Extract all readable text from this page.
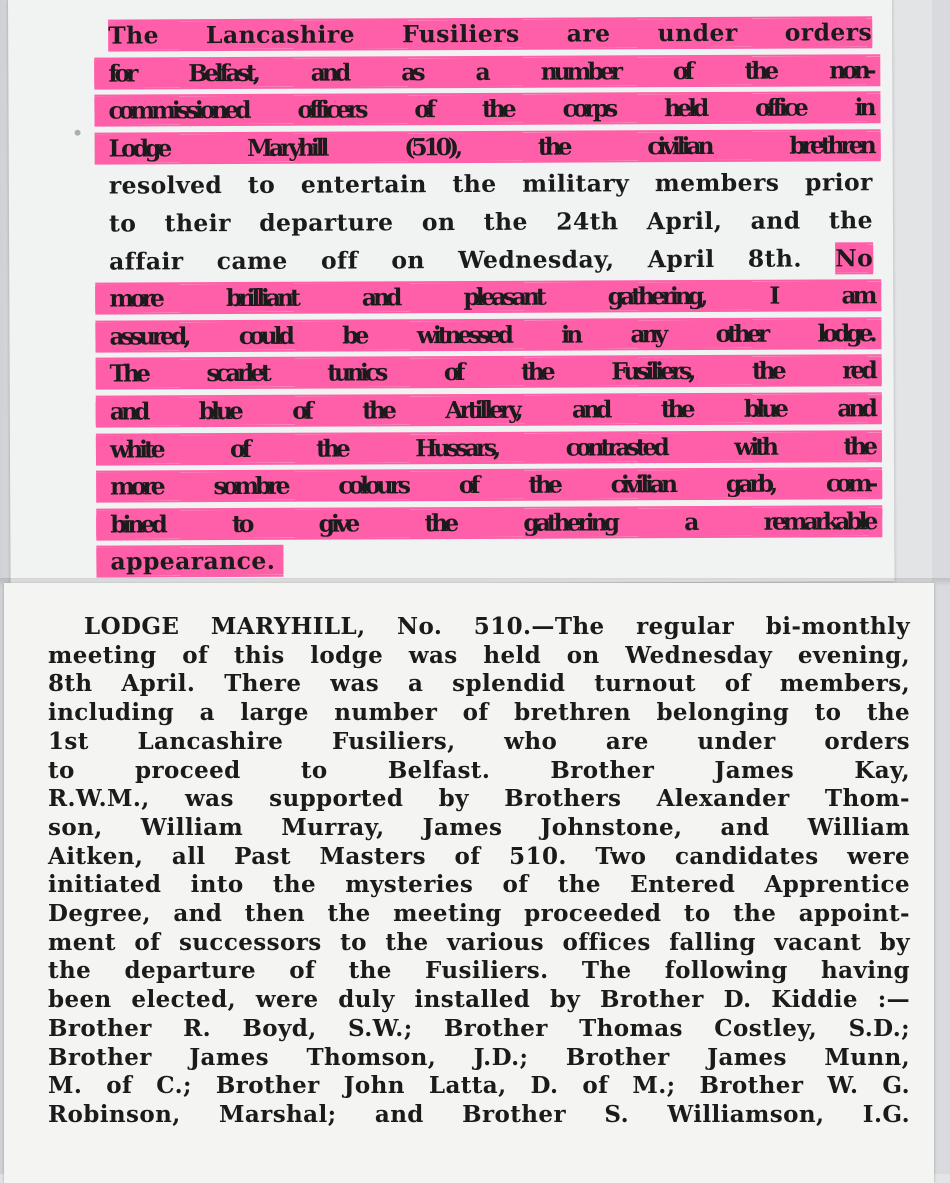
The Lancashire Fusiliers are under orders
for Belfast, and as a number of the non-
commissioned officers of the corps held office in
Lodge Maryhill (510), the civilian brethren
resolved to entertain the military members prior
to their departure on the 24th April, and the
affair came off on Wednesday, April 8th. No
more brilliant and pleasant gathering, I am
assured, could be witnessed in any other lodge.
The scarlet tunics of the Fusiliers, the red
and blue of the Artillery, and the blue and
white of the Hussars, contrasted with the
more sombre colours of the civilian garb, com-
bined to give the gathering a remarkable
appearance.
LODGE MARYHILL, No. 510.—The regular bi-monthly
meeting of this lodge was held on Wednesday evening,
8th April. There was a splendid turnout of members,
including a large number of brethren belonging to the
1st Lancashire Fusiliers, who are under orders
to proceed to Belfast. Brother James Kay,
R.W.M., was supported by Brothers Alexander Thom-
son, William Murray, James Johnstone, and William
Aitken, all Past Masters of 510. Two candidates were
initiated into the mysteries of the Entered Apprentice
Degree, and then the meeting proceeded to the appoint-
ment of successors to the various offices falling vacant by
the departure of the Fusiliers. The following having
been elected, were duly installed by Brother D. Kiddie :—
Brother R. Boyd, S.W.; Brother Thomas Costley, S.D.;
Brother James Thomson, J.D.; Brother James Munn,
M. of C.; Brother John Latta, D. of M.; Brother W. G.
Robinson, Marshal; and Brother S. Williamson, I.G.
